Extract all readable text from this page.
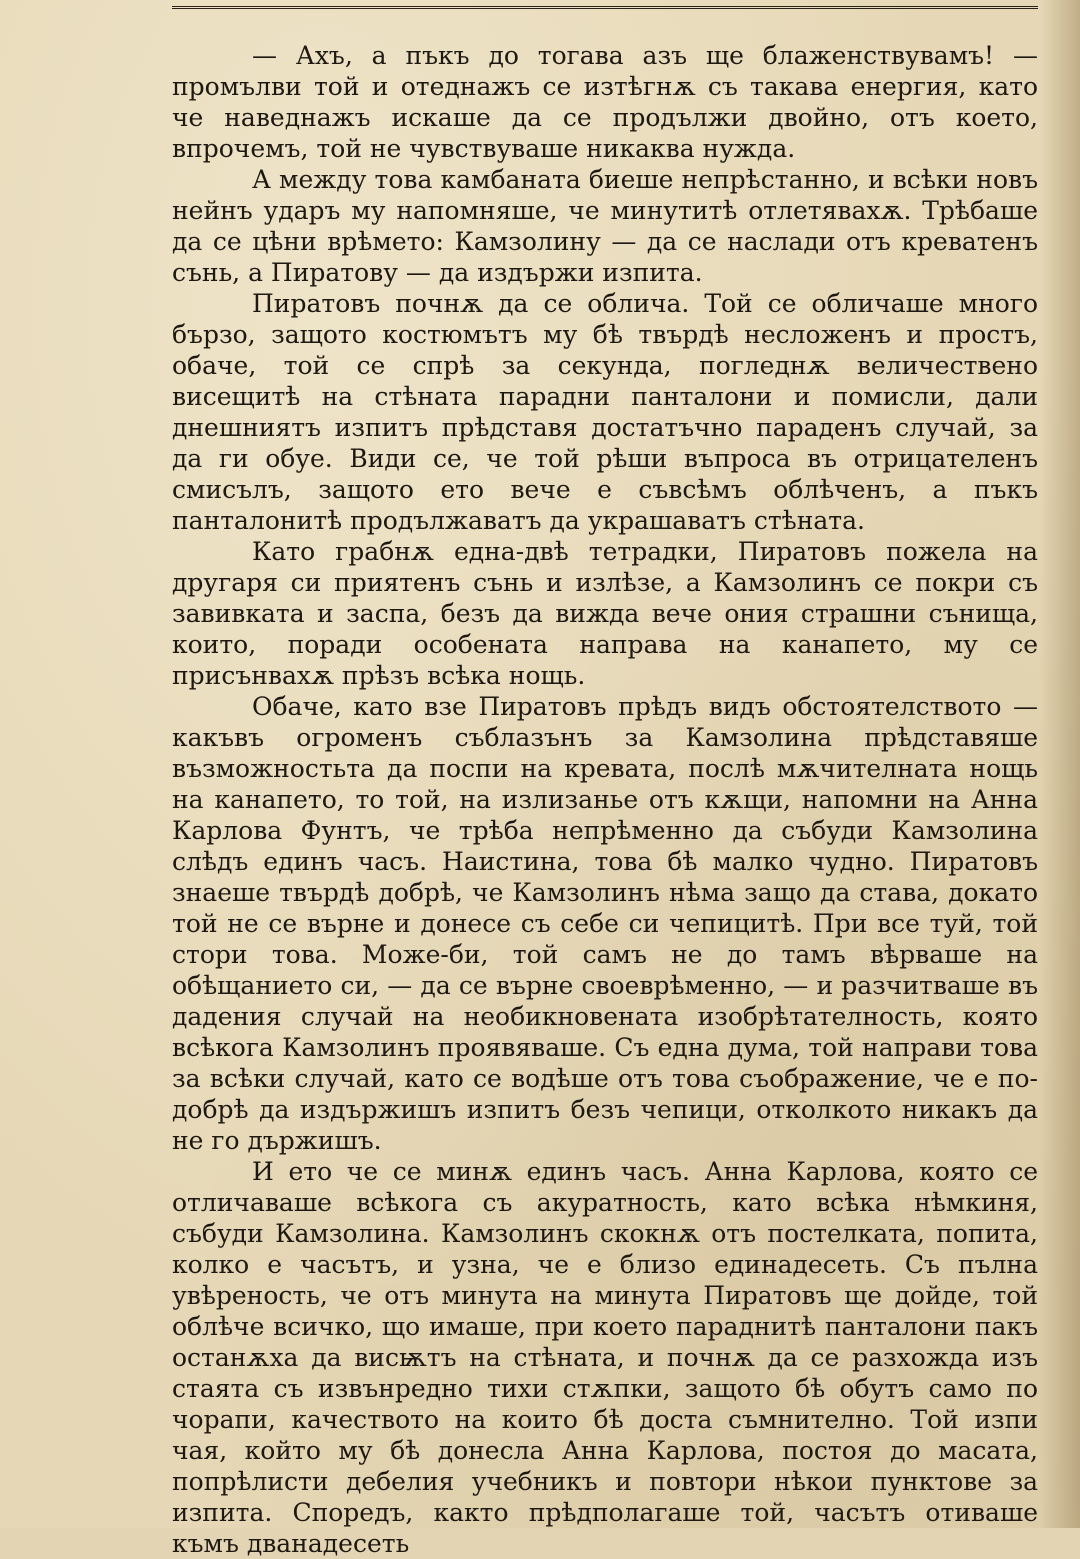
— Ахъ, а пъкъ до тогава азъ ще блаженствувамъ! — промълви той и отеднажъ се изтѣгнѫ съ такава енергия, като че наведнажъ искаше да се продължи двойно, отъ което, впрочемъ, той не чувствуваше никаква нужда.

А между това камбаната биеше непрѣстанно, и всѣки новъ нейнъ ударъ му напомняше, че минутитѣ отлетявахѫ. Трѣбаше да се цѣни врѣмето: Камзолину — да се наслади отъ креватенъ сънь, а Пиратову — да издържи изпита.

Пиратовъ почнѫ да се облича. Той се обличаше много бързо, защото костюмътъ му бѣ твърдѣ несложенъ и простъ, обаче, той се спрѣ за секунда, погледнѫ величествено висещитѣ на стѣната парадни панталони и помисли, дали днешниятъ изпитъ прѣдставя достатъчно параденъ случай, за да ги обуе. Види се, че той рѣши въпроса въ отрицателенъ смисълъ, защото ето вече е съвсѣмъ облѣченъ, а пъкъ панталонитѣ продължаватъ да украшаватъ стѣната.

Като грабнѫ една-двѣ тетрадки, Пиратовъ пожела на другаря си приятенъ сънь и излѣзе, а Камзолинъ се покри съ завивката и заспа, безъ да вижда вече ония страшни сънища, които, поради особената направа на канапето, му се присънвахѫ прѣзъ всѣка нощь.

Обаче, като взе Пиратовъ прѣдъ видъ обстоятелството — какъвъ огроменъ съблазънъ за Камзолина прѣдставяше възможностьта да поспи на кревата, послѣ мѫчителната нощь на канапето, то той, на излизанье отъ кѫщи, напомни на Анна Карлова Фунтъ, че трѣба непрѣменно да събуди Камзолина слѣдъ единъ часъ. Наистина, това бѣ малко чудно. Пиратовъ знаеше твърдѣ добрѣ, че Камзолинъ нѣма защо да става, докато той не се върне и донесе съ себе си чепицитѣ. При все туй, той стори това. Може-би, той самъ не до тамъ вѣрваше на обѣщанието си, — да се върне своеврѣменно, — и разчитваше въ дадения случай на необикновената изобрѣтателность, която всѣкога Камзолинъ проявяваше. Съ една дума, той направи това за всѣки случай, като се водѣше отъ това съображение, че е по-добрѣ да издържишъ изпитъ безъ чепици, отколкото никакъ да не го държишъ.

И ето че се минѫ единъ часъ. Анна Карлова, която се отличаваше всѣкога съ акуратность, като всѣка нѣмкиня, събуди Камзолина. Камзолинъ скокнѫ отъ постелката, попита, колко е часътъ, и узна, че е близо единадесеть. Съ пълна увѣреность, че отъ минута на минута Пиратовъ ще дойде, той облѣче всичко, що имаше, при което параднитѣ панталони пакъ останѫха да висѭтъ на стѣната, и почнѫ да се разхожда изъ стаята съ извънредно тихи стѫпки, защото бѣ обутъ само по чорапи, качеството на които бѣ доста съмнително. Той изпи чая, който му бѣ донесла Анна Карлова, постоя до масата, попрѣлисти дебелия учебникъ и повтори нѣкои пунктове за изпита. Споредъ, както прѣдполагаше той, часътъ отиваше къмъ дванадесеть
